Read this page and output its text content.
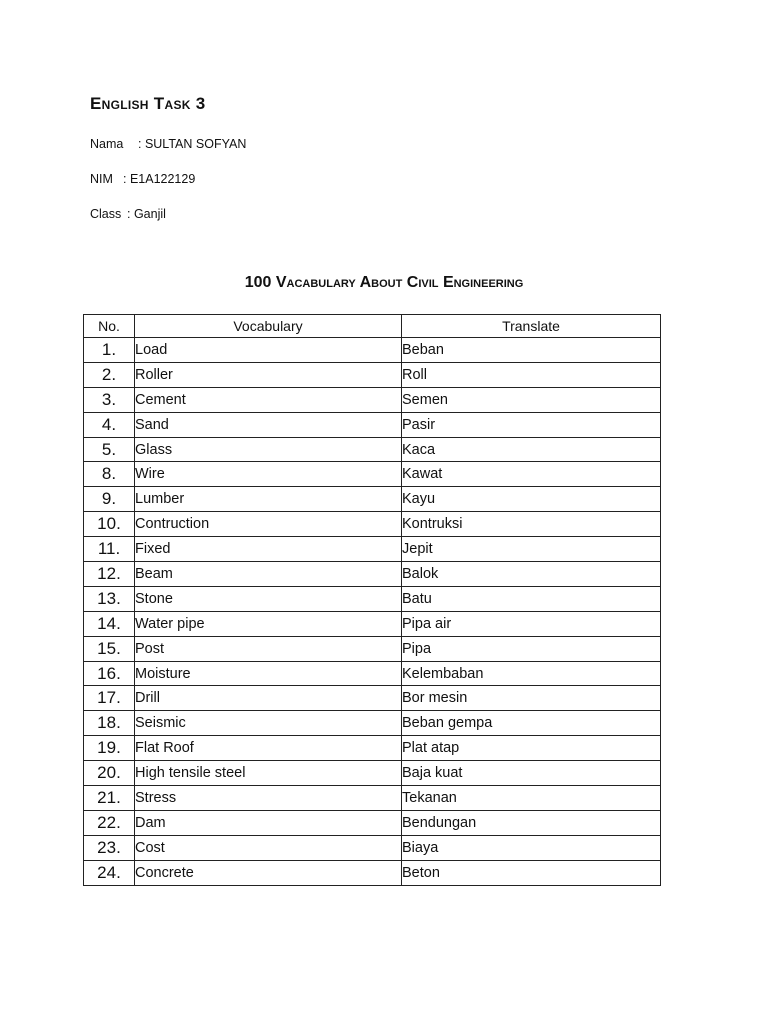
English Task 3
Nama : SULTAN SOFYAN
NIM : E1A122129
Class : Ganjil
100 Vacabulary About Civil Engineering
No.	Vocabulary	Translate
1.	Load	Beban
2.	Roller	Roll
3.	Cement	Semen
4.	Sand	Pasir
5.	Glass	Kaca
8.	Wire	Kawat
9.	Lumber	Kayu
10.	Contruction	Kontruksi
11.	Fixed	Jepit
12.	Beam	Balok
13.	Stone	Batu
14.	Water pipe	Pipa air
15.	Post	Pipa
16.	Moisture	Kelembaban
17.	Drill	Bor mesin
18.	Seismic	Beban gempa
19.	Flat Roof	Plat atap
20.	High tensile steel	Baja kuat
21.	Stress	Tekanan
22.	Dam	Bendungan
23.	Cost	Biaya
24.	Concrete	Beton
